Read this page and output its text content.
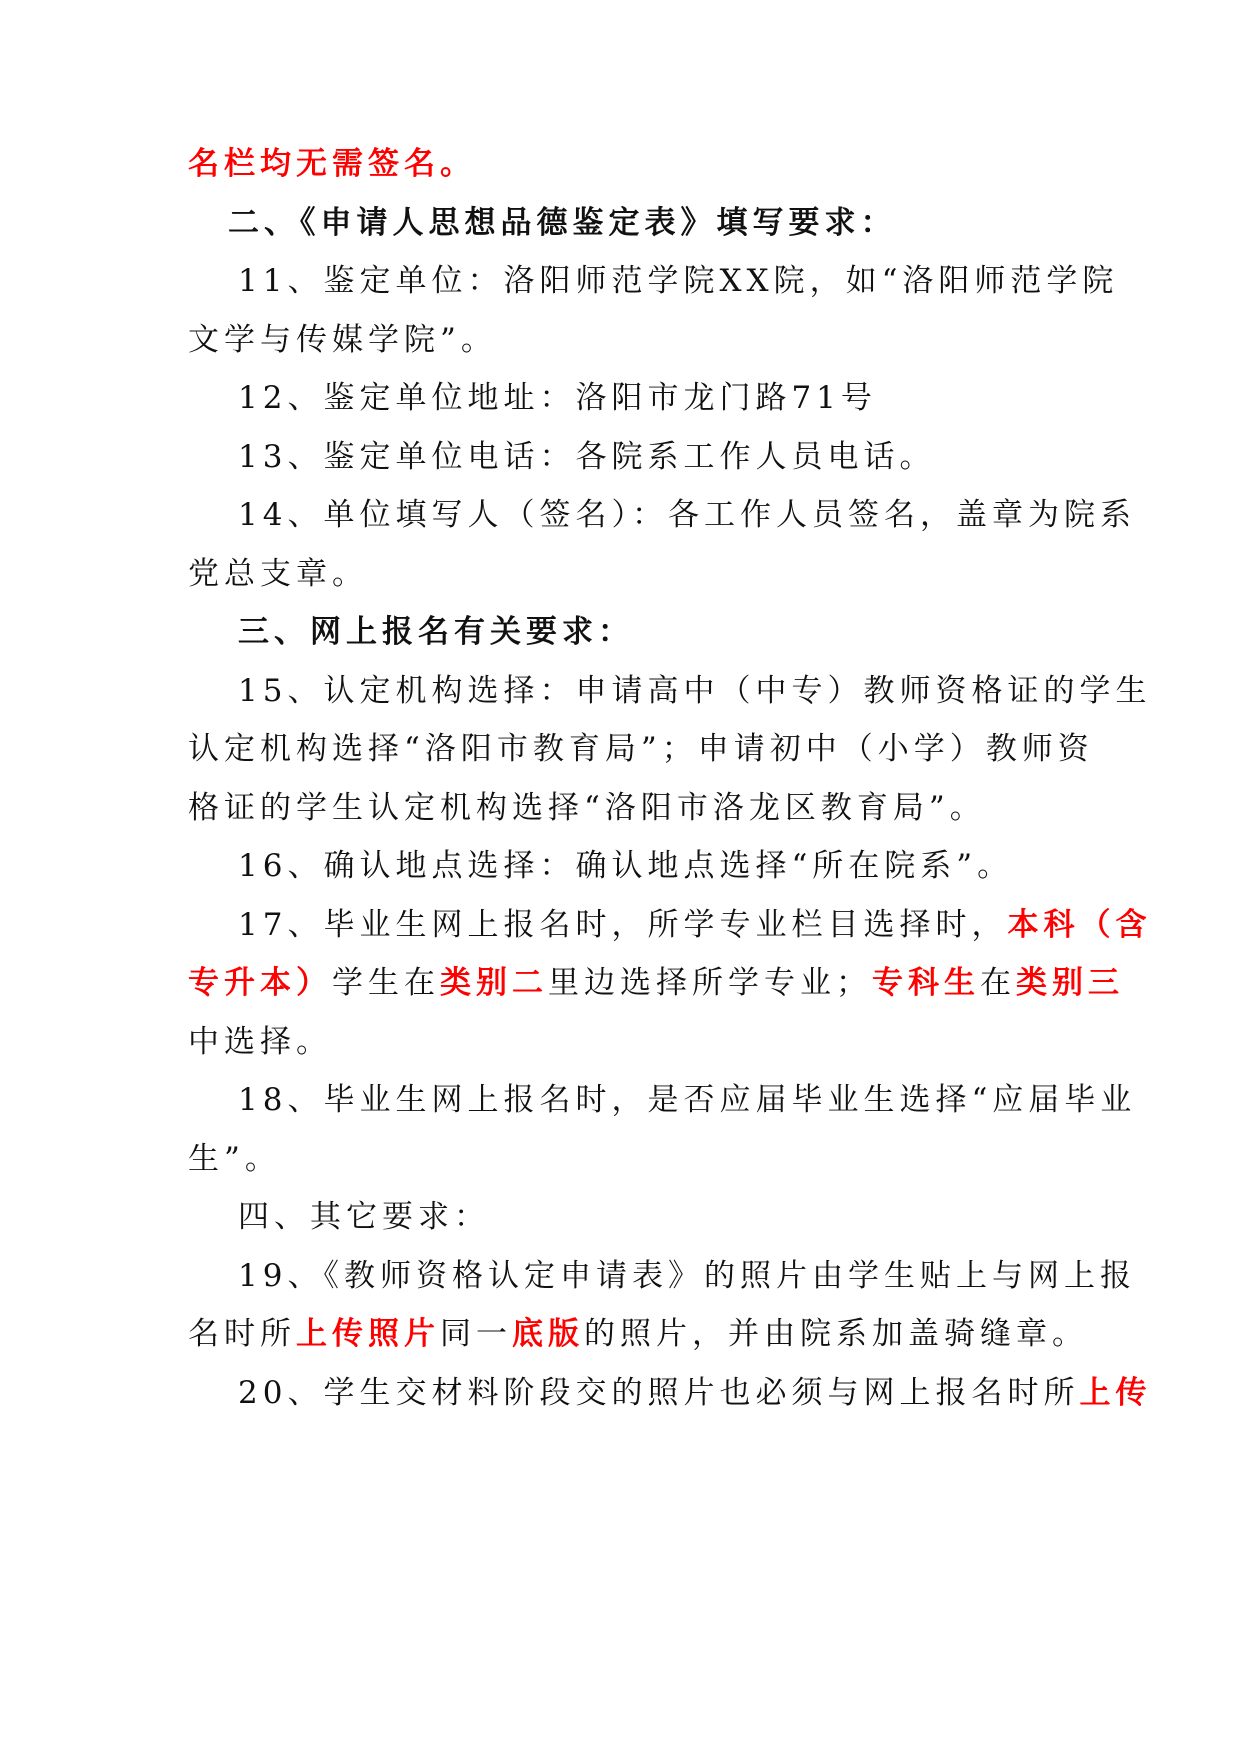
名栏均无需签名。
二、《申请人思想品德鉴定表》填写要求：
11、鉴定单位：洛阳师范学院XX院，如“洛阳师范学院
文学与传媒学院”。
12、鉴定单位地址：洛阳市龙门路71号
13、鉴定单位电话：各院系工作人员电话。
14、单位填写人（签名）：各工作人员签名，盖章为院系
党总支章。
三、网上报名有关要求：
15、认定机构选择：申请高中（中专）教师资格证的学生
认定机构选择“洛阳市教育局”；申请初中（小学）教师资
格证的学生认定机构选择“洛阳市洛龙区教育局”。
16、确认地点选择：确认地点选择“所在院系”。
17、毕业生网上报名时，所学专业栏目选择时，本科（含
专升本）学生在类别二里边选择所学专业；专科生在类别三
中选择。
18、毕业生网上报名时，是否应届毕业生选择“应届毕业
生”。
四、其它要求：
19、《教师资格认定申请表》的照片由学生贴上与网上报
名时所上传照片同一底版的照片，并由院系加盖骑缝章。
20、学生交材料阶段交的照片也必须与网上报名时所上传
